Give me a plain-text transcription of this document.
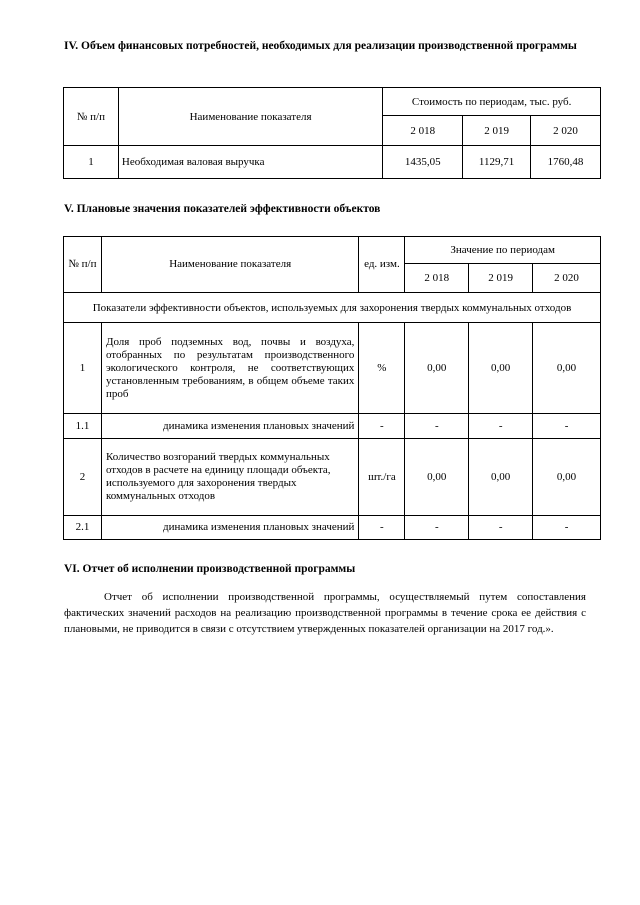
IV. Объем финансовых потребностей, необходимых для реализации производственной программы
№ п/п	Наименование показателя	Стоимость по периодам, тыс. руб.		
		2 018	2 019	2 020
1	Необходимая валовая выручка	1435,05	1129,71	1760,48
V. Плановые значения показателей эффективности объектов
№ п/п	Наименование показателя	ед. изм.	Значение по периодам		
			2 018	2 019	2 020
Показатели эффективности объектов, используемых для захоронения твердых коммунальных отходов					
1	Доля проб подземных вод, почвы и воздуха, отобранных по результатам производственного экологического контроля, не соответствующих установленным требованиям, в общем объеме таких проб	%	0,00	0,00	0,00
1.1	динамика изменения плановых значений	-	-	-	-
2	Количество возгораний твердых коммунальных отходов в расчете на единицу площади объекта, используемого для захоронения твердых коммунальных отходов	шт./га	0,00	0,00	0,00
2.1	динамика изменения плановых значений	-	-	-	-
VI. Отчет об исполнении производственной программы

Отчет об исполнении производственной программы, осуществляемый путем сопоставления фактических значений расходов на реализацию производственной программы в течение срока ее действия с плановыми, не приводится в связи с отсутствием утвержденных показателей организации на 2017 год.».
